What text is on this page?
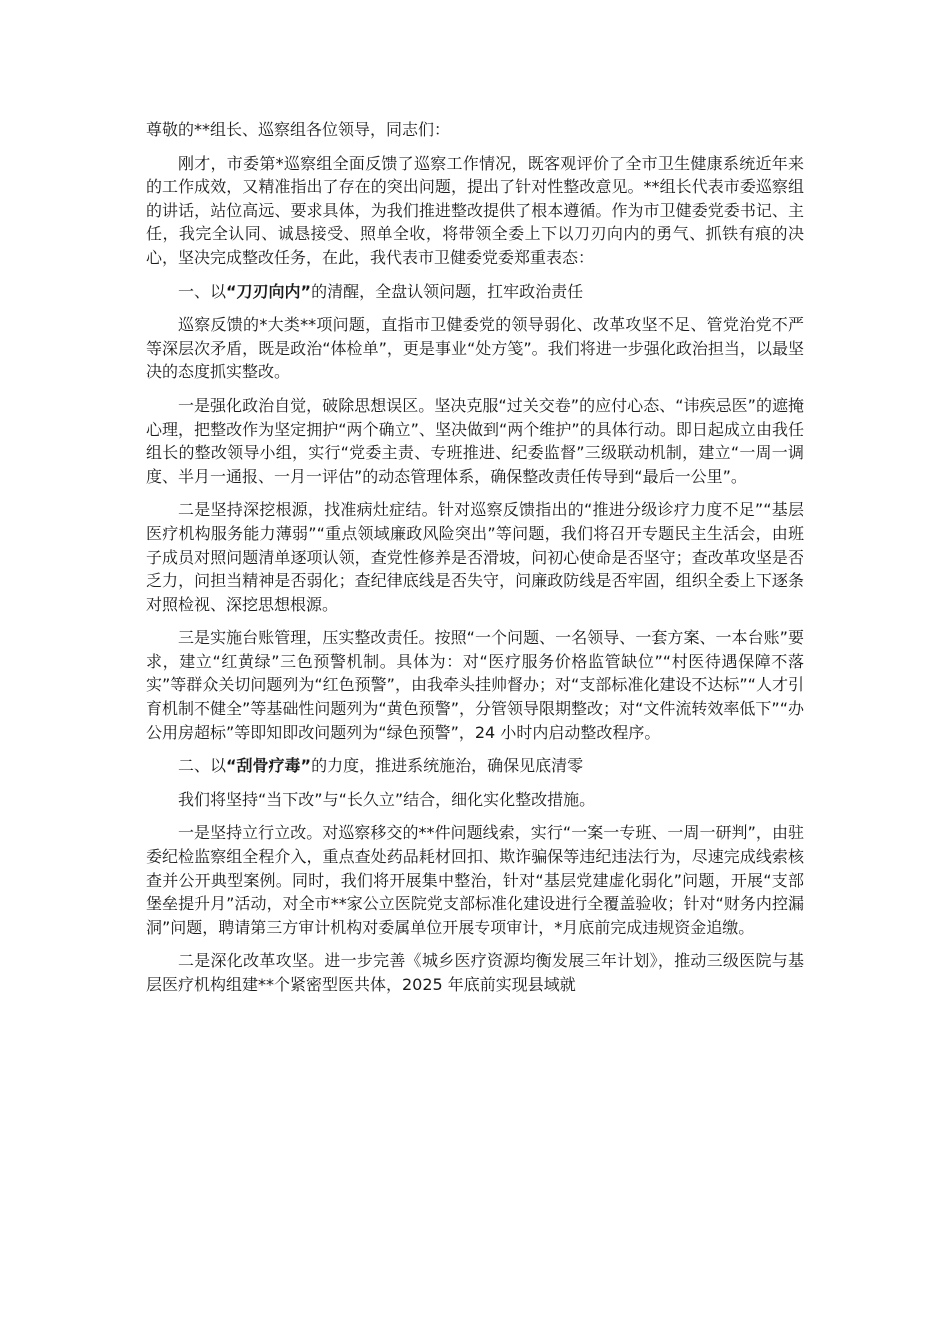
尊敬的**组长、巡察组各位领导，同志们：

刚才，市委第*巡察组全面反馈了巡察工作情况，既客观评价了全市卫生健康系统近年来的工作成效，又精准指出了存在的突出问题，提出了针对性整改意见。**组长代表市委巡察组的讲话，站位高远、要求具体，为我们推进整改提供了根本遵循。作为市卫健委党委书记、主任，我完全认同、诚恳接受、照单全收，将带领全委上下以刀刃向内的勇气、抓铁有痕的决心，坚决完成整改任务，在此，我代表市卫健委党委郑重表态：

一、以“刀刃向内”的清醒，全盘认领问题，扛牢政治责任

巡察反馈的*大类**项问题，直指市卫健委党的领导弱化、改革攻坚不足、管党治党不严等深层次矛盾，既是政治“体检单”，更是事业“处方笺”。我们将进一步强化政治担当，以最坚决的态度抓实整改。

一是强化政治自觉，破除思想误区。坚决克服“过关交卷”的应付心态、“讳疾忌医”的遮掩心理，把整改作为坚定拥护“两个确立”、坚决做到“两个维护”的具体行动。即日起成立由我任组长的整改领导小组，实行“党委主责、专班推进、纪委监督”三级联动机制，建立“一周一调度、半月一通报、一月一评估”的动态管理体系，确保整改责任传导到“最后一公里”。

二是坚持深挖根源，找准病灶症结。针对巡察反馈指出的“推进分级诊疗力度不足”“基层医疗机构服务能力薄弱”“重点领域廉政风险突出”等问题，我们将召开专题民主生活会，由班子成员对照问题清单逐项认领，查党性修养是否滑坡，问初心使命是否坚守；查改革攻坚是否乏力，问担当精神是否弱化；查纪律底线是否失守，问廉政防线是否牢固，组织全委上下逐条对照检视、深挖思想根源。

三是实施台账管理，压实整改责任。按照“一个问题、一名领导、一套方案、一本台账”要求，建立“红黄绿”三色预警机制。具体为：对“医疗服务价格监管缺位”“村医待遇保障不落实”等群众关切问题列为“红色预警”，由我牵头挂帅督办；对“支部标准化建设不达标”“人才引育机制不健全”等基础性问题列为“黄色预警”，分管领导限期整改；对“文件流转效率低下”“办公用房超标”等即知即改问题列为“绿色预警”，24 小时内启动整改程序。

二、以“刮骨疗毒”的力度，推进系统施治，确保见底清零

我们将坚持“当下改”与“长久立”结合，细化实化整改措施。

一是坚持立行立改。对巡察移交的**件问题线索，实行“一案一专班、一周一研判”，由驻委纪检监察组全程介入，重点查处药品耗材回扣、欺诈骗保等违纪违法行为，尽速完成线索核查并公开典型案例。同时，我们将开展集中整治，针对“基层党建虚化弱化”问题，开展“支部堡垒提升月”活动，对全市**家公立医院党支部标准化建设进行全覆盖验收；针对“财务内控漏洞”问题，聘请第三方审计机构对委属单位开展专项审计，*月底前完成违规资金追缴。

二是深化改革攻坚。进一步完善《城乡医疗资源均衡发展三年计划》，推动三级医院与基层医疗机构组建**个紧密型医共体，2025 年底前实现县域就
